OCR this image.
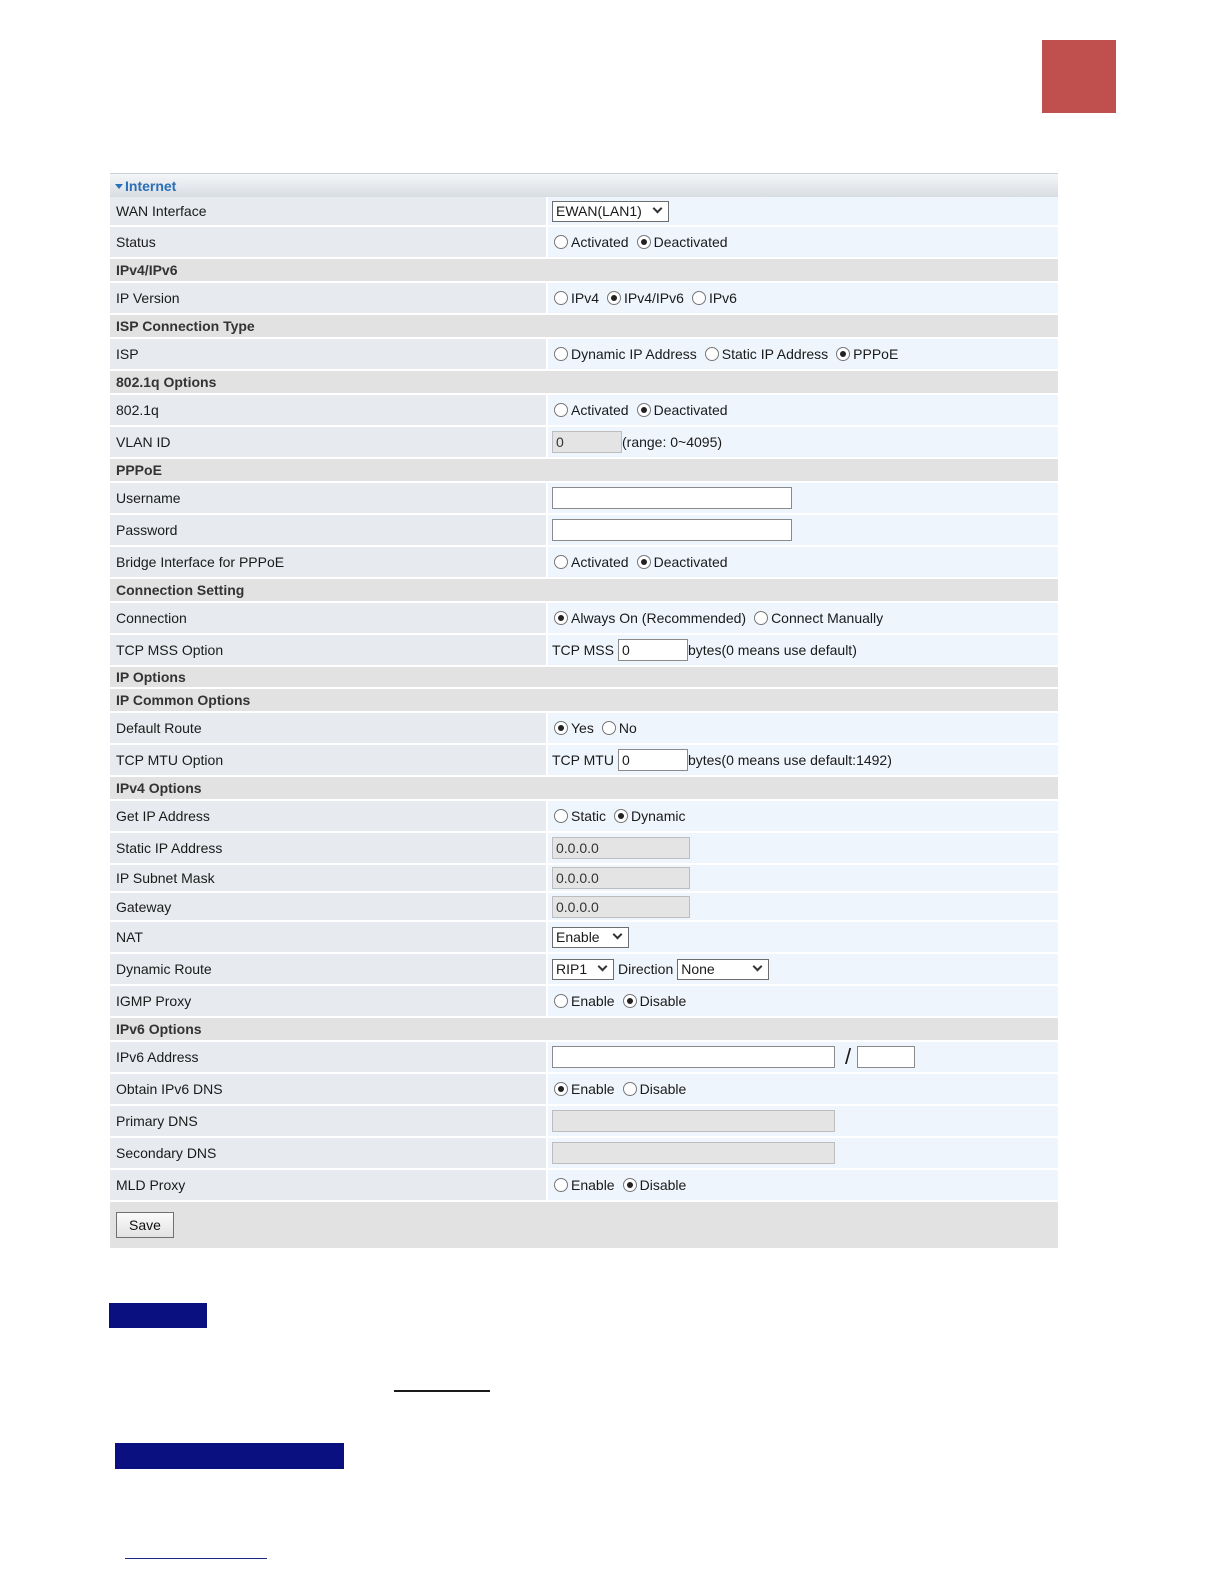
Internet
WAN Interface	EWAN(LAN1)
Status	Activated Deactivated
IPv4/IPv6
IP Version	IPv4 IPv4/IPv6 IPv6
ISP Connection Type
ISP	Dynamic IP Address Static IP Address PPPoE
802.1q Options
802.1q	Activated Deactivated
VLAN ID	0	(range: 0~4095)
PPPoE
Username
Password
Bridge Interface for PPPoE	Activated Deactivated
Connection Setting
Connection	Always On (Recommended) Connect Manually
TCP MSS Option	TCP MSS 0	bytes(0 means use default)
IP Options
IP Common Options
Default Route	Yes No
TCP MTU Option	TCP MTU 0	bytes(0 means use default:1492)
IPv4 Options
Get IP Address	Static Dynamic
Static IP Address	0.0.0.0
IP Subnet Mask	0.0.0.0
Gateway	0.0.0.0
NAT	Enable
Dynamic Route	RIP1 Direction None
IGMP Proxy	Enable Disable
IPv6 Options
IPv6 Address	/
Obtain IPv6 DNS	Enable Disable
Primary DNS
Secondary DNS
MLD Proxy	Enable Disable
Save
